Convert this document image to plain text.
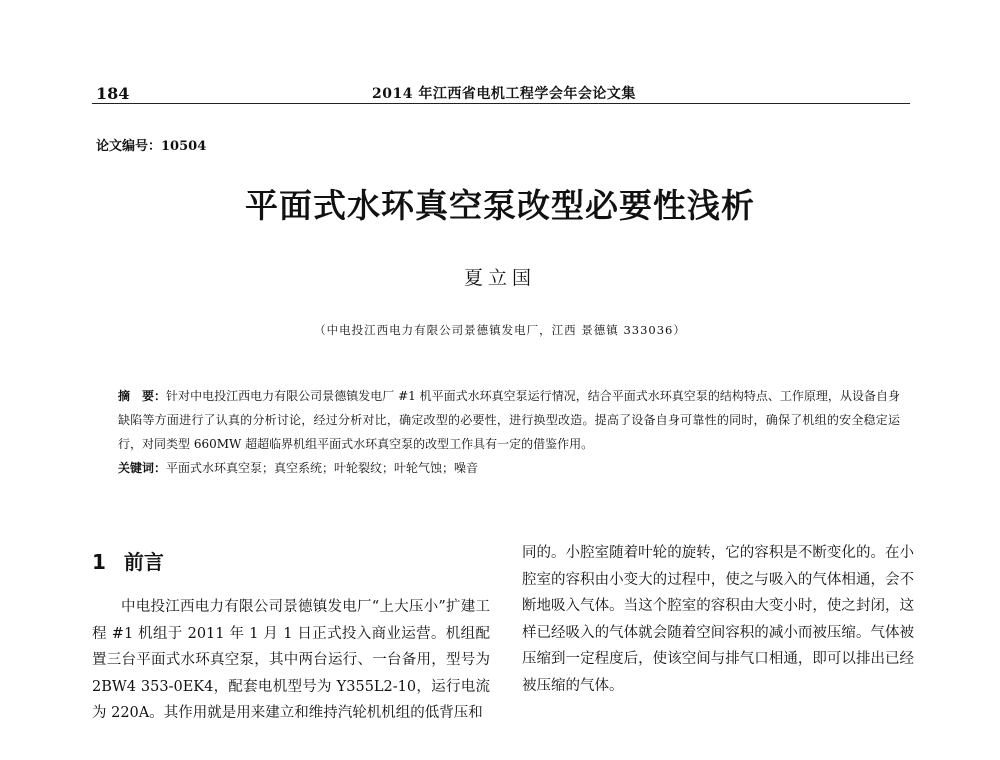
184	2014 年江西省电机工程学会年会论文集
论文编号：10504
平面式水环真空泵改型必要性浅析
夏立国
（中电投江西电力有限公司景德镇发电厂，江西 景德镇 333036）

摘　要：针对中电投江西电力有限公司景德镇发电厂 #1 机平面式水环真空泵运行情况，结合平面式水环真空泵的结构特点、工作原理，从设备自身缺陷等方面进行了认真的分析讨论，经过分析对比，确定改型的必要性，进行换型改造。提高了设备自身可靠性的同时，确保了机组的安全稳定运行，对同类型 660MW 超超临界机组平面式水环真空泵的改型工作具有一定的借鉴作用。

关键词：平面式水环真空泵；真空系统；叶轮裂纹；叶轮气蚀；噪音

1 前言

中电投江西电力有限公司景德镇发电厂“上大压小”扩建工程 #1 机组于 2011 年 1 月 1 日正式投入商业运营。机组配置三台平面式水环真空泵，其中两台运行、一台备用，型号为 2BW4 353-0EK4，配套电机型号为 Y355L2-10，运行电流为 220A。其作用就是用来建立和维持汽轮机机组的低背压和

同的。小腔室随着叶轮的旋转，它的容积是不断变化的。在小腔室的容积由小变大的过程中，使之与吸入的气体相通，会不断地吸入气体。当这个腔室的容积由大变小时，使之封闭，这样已经吸入的气体就会随着空间容积的减小而被压缩。气体被压缩到一定程度后，使该空间与排气口相通，即可以排出已经被压缩的气体。
